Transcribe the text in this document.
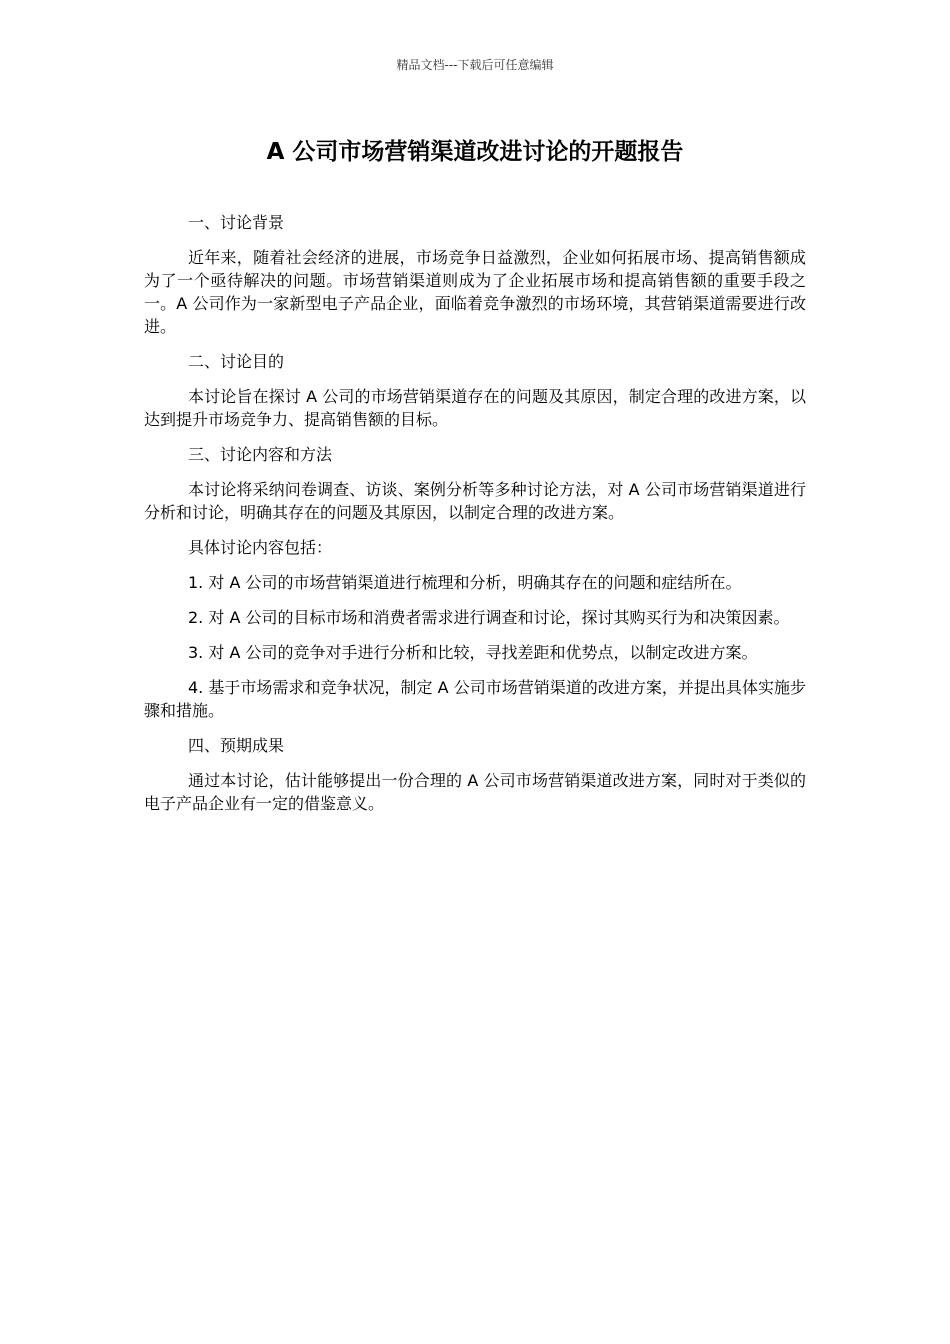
精品文档---下载后可任意编辑
A 公司市场营销渠道改进讨论的开题报告

一、讨论背景

近年来，随着社会经济的进展，市场竞争日益激烈，企业如何拓展市场、提高销售额成为了一个亟待解决的问题。市场营销渠道则成为了企业拓展市场和提高销售额的重要手段之一。A 公司作为一家新型电子产品企业，面临着竞争激烈的市场环境，其营销渠道需要进行改进。

二、讨论目的

本讨论旨在探讨 A 公司的市场营销渠道存在的问题及其原因，制定合理的改进方案，以达到提升市场竞争力、提高销售额的目标。

三、讨论内容和方法

本讨论将采纳问卷调查、访谈、案例分析等多种讨论方法，对 A 公司市场营销渠道进行分析和讨论，明确其存在的问题及其原因，以制定合理的改进方案。

具体讨论内容包括：

1. 对 A 公司的市场营销渠道进行梳理和分析，明确其存在的问题和症结所在。

2. 对 A 公司的目标市场和消费者需求进行调查和讨论，探讨其购买行为和决策因素。

3. 对 A 公司的竞争对手进行分析和比较，寻找差距和优势点，以制定改进方案。

4. 基于市场需求和竞争状况，制定 A 公司市场营销渠道的改进方案，并提出具体实施步骤和措施。

四、预期成果

通过本讨论，估计能够提出一份合理的 A 公司市场营销渠道改进方案，同时对于类似的电子产品企业有一定的借鉴意义。
